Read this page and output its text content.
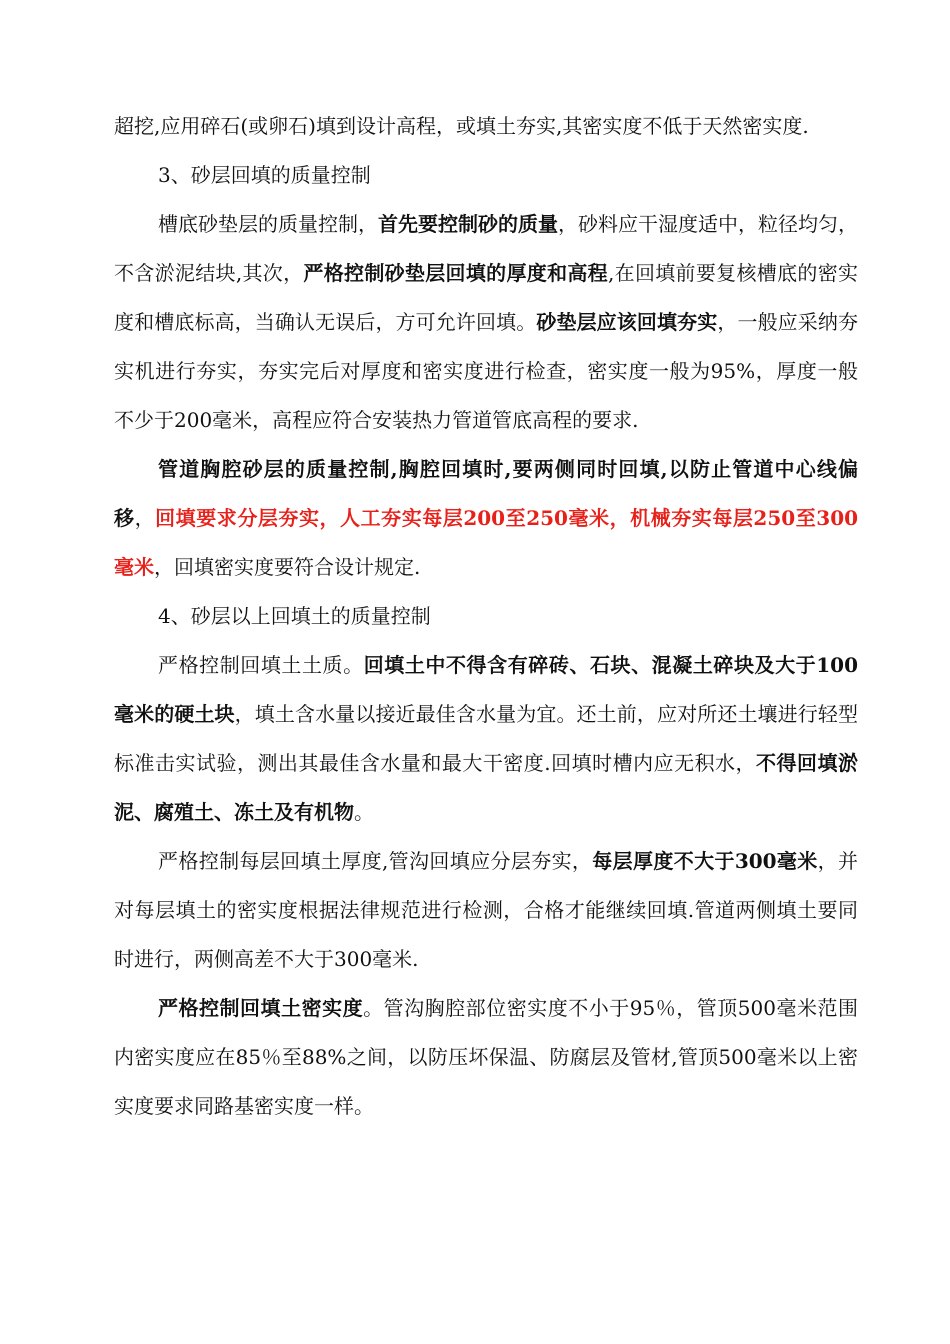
超挖,应用碎石(或卵石)填到设计高程，或填土夯实,其密实度不低于天然密实度.

3、砂层回填的质量控制

槽底砂垫层的质量控制，首先要控制砂的质量，砂料应干湿度适中，粒径均匀，不含淤泥结块,其次，严格控制砂垫层回填的厚度和高程,在回填前要复核槽底的密实度和槽底标高，当确认无误后，方可允许回填。砂垫层应该回填夯实，一般应采纳夯实机进行夯实，夯实完后对厚度和密实度进行检查，密实度一般为95%，厚度一般不少于200毫米，高程应符合安装热力管道管底高程的要求.

管道胸腔砂层的质量控制,胸腔回填时,要两侧同时回填,以防止管道中心线偏移，回填要求分层夯实，人工夯实每层200至250毫米，机械夯实每层250至300毫米，回填密实度要符合设计规定.

4、砂层以上回填土的质量控制

严格控制回填土土质。回填土中不得含有碎砖、石块、混凝土碎块及大于100毫米的硬土块，填土含水量以接近最佳含水量为宜。还土前，应对所还土壤进行轻型标准击实试验，测出其最佳含水量和最大干密度.回填时槽内应无积水，不得回填淤泥、腐殖土、冻土及有机物。

严格控制每层回填土厚度,管沟回填应分层夯实，每层厚度不大于300毫米，并对每层填土的密实度根据法律规范进行检测，合格才能继续回填.管道两侧填土要同时进行，两侧高差不大于300毫米.

严格控制回填土密实度。管沟胸腔部位密实度不小于95％，管顶500毫米范围内密实度应在85％至88%之间，以防压坏保温、防腐层及管材,管顶500毫米以上密实度要求同路基密实度一样。
